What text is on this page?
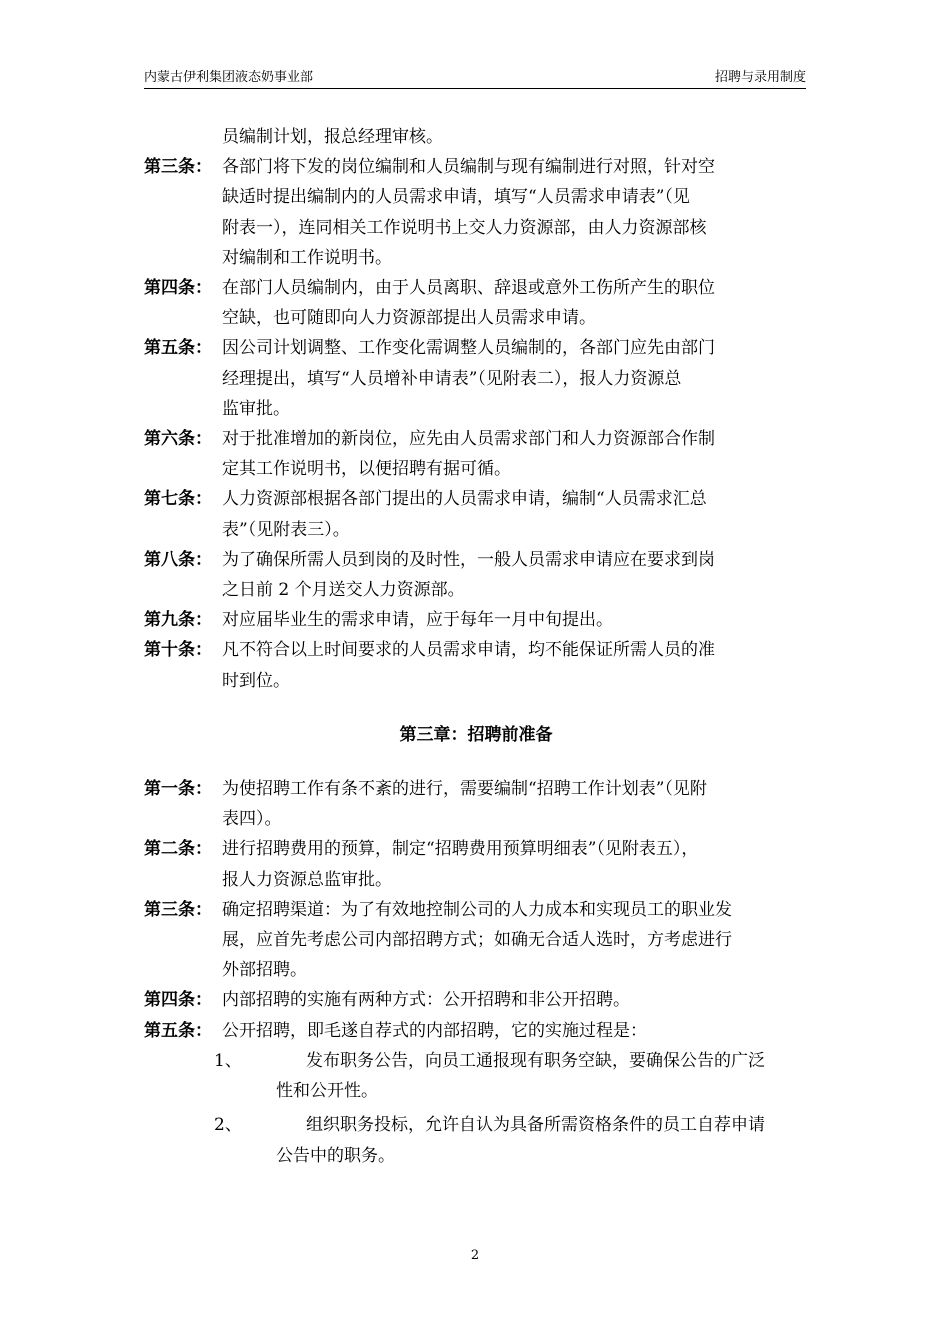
内蒙古伊利集团液态奶事业部	招聘与录用制度
员编制计划，报总经理审核。
第三条： 各部门将下发的岗位编制和人员编制与现有编制进行对照，针对空
缺适时提出编制内的人员需求申请，填写“人员需求申请表”（见
附表一），连同相关工作说明书上交人力资源部，由人力资源部核
对编制和工作说明书。
第四条： 在部门人员编制内，由于人员离职、辞退或意外工伤所产生的职位
空缺，也可随即向人力资源部提出人员需求申请。
第五条： 因公司计划调整、工作变化需调整人员编制的，各部门应先由部门
经理提出，填写“人员增补申请表”（见附表二），报人力资源总
监审批。
第六条： 对于批准增加的新岗位，应先由人员需求部门和人力资源部合作制
定其工作说明书，以便招聘有据可循。
第七条： 人力资源部根据各部门提出的人员需求申请，编制“人员需求汇总
表”（见附表三）。
第八条： 为了确保所需人员到岗的及时性，一般人员需求申请应在要求到岗
之日前 2 个月送交人力资源部。
第九条： 对应届毕业生的需求申请，应于每年一月中旬提出。
第十条： 凡不符合以上时间要求的人员需求申请，均不能保证所需人员的准
时到位。
第三章：招聘前准备
第一条： 为使招聘工作有条不紊的进行，需要编制“招聘工作计划表”（见附
表四）。
第二条： 进行招聘费用的预算，制定“招聘费用预算明细表”（见附表五），
报人力资源总监审批。
第三条： 确定招聘渠道：为了有效地控制公司的人力成本和实现员工的职业发
展，应首先考虑公司内部招聘方式；如确无合适人选时，方考虑进行
外部招聘。
第四条： 内部招聘的实施有两种方式：公开招聘和非公开招聘。
第五条： 公开招聘，即毛遂自荐式的内部招聘，它的实施过程是：
1、	发布职务公告，向员工通报现有职务空缺，要确保公告的广泛
性和公开性。
2、	组织职务投标，允许自认为具备所需资格条件的员工自荐申请
公告中的职务。
2
